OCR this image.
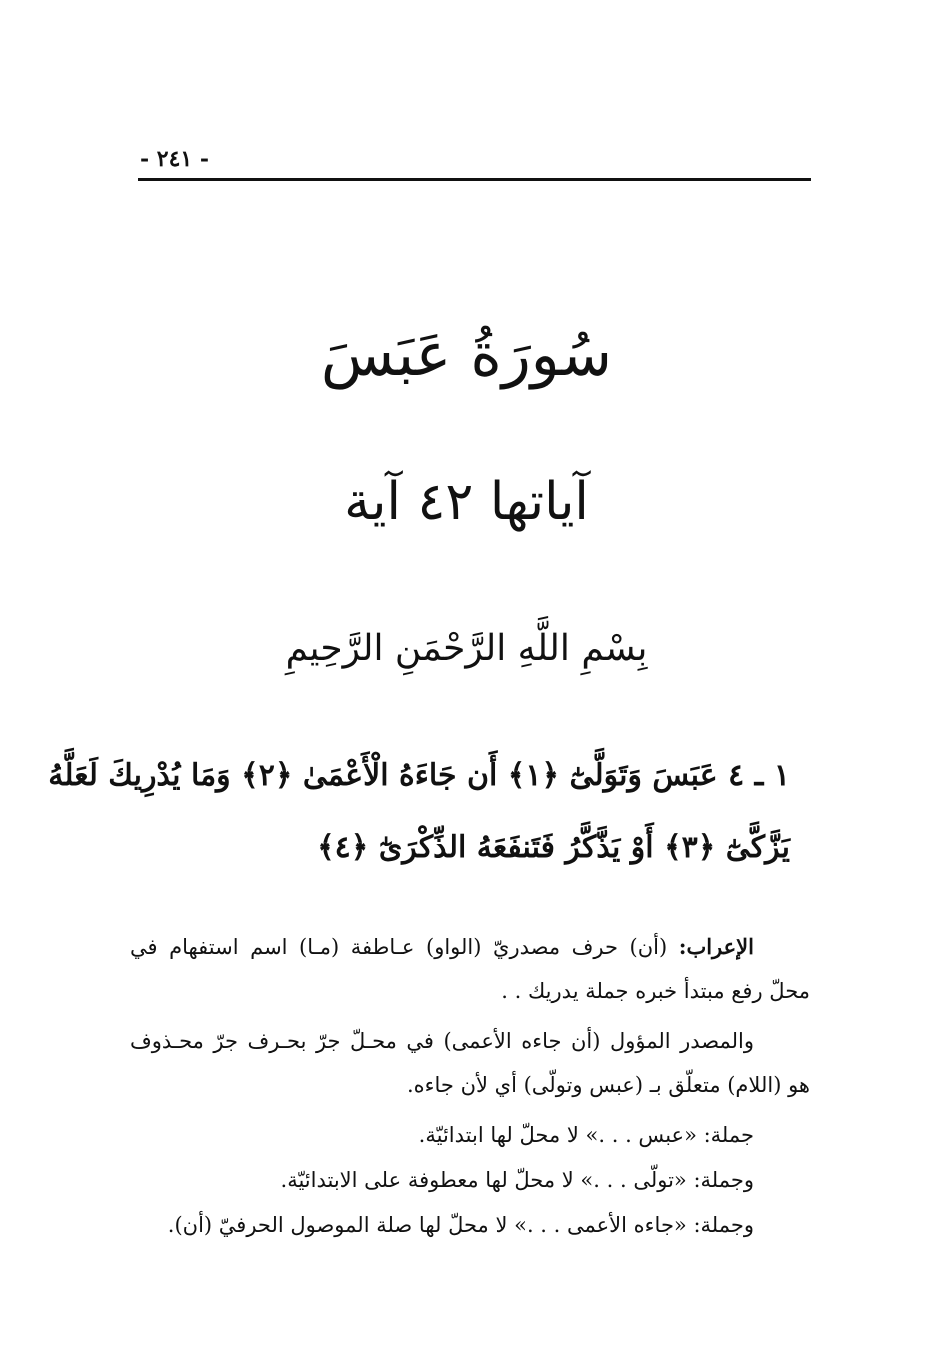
- ٢٤١ -
سُورَةُ عَبَسَ
آياتها ٤٢ آية
بِسْمِ اللَّهِ الرَّحْمَنِ الرَّحِيمِ
١ ـ ٤ عَبَسَ وَتَوَلَّىٰٓ ﴿١﴾ أَن جَاءَهُ الْأَعْمَىٰ ﴿٢﴾ وَمَا يُدْرِيكَ لَعَلَّهُ
يَزَّكَّىٰٓ ﴿٣﴾ أَوْ يَذَّكَّرُ فَتَنفَعَهُ الذِّكْرَىٰٓ ﴿٤﴾

الإعراب: (أن) حرف مصدريّ (الواو) عـاطفة (مـا) اسم استفهام في محلّ رفع مبتدأ خبره جملة يدريك . .

والمصدر المؤول (أن جاءه الأعمى) في محـلّ جرّ بحـرف جرّ محـذوف هو (اللام) متعلّق بـ (عبس وتولّى) أي لأن جاءه.

جملة: «عبس . . .» لا محلّ لها ابتدائيّة.

وجملة: «تولّى . . .» لا محلّ لها معطوفة على الابتدائيّة.

وجملة: «جاءه الأعمى . . .» لا محلّ لها صلة الموصول الحرفيّ (أن).
